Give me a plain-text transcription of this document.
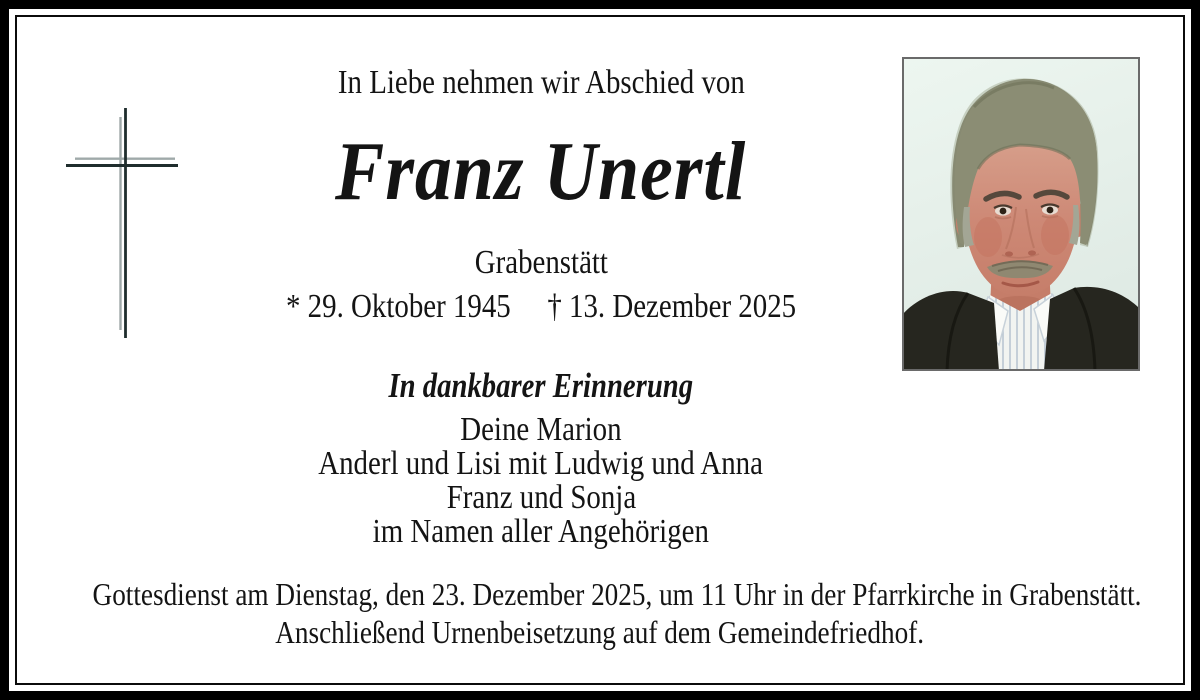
In Liebe nehmen wir Abschied von
Franz Unertl
Grabenstätt
* 29. Oktober 1945 † 13. Dezember 2025
In dankbarer Erinnerung
Deine Marion
Anderl und Lisi mit Ludwig und Anna
Franz und Sonja
im Namen aller Angehörigen
Gottesdienst am Dienstag, den 23. Dezember 2025, um 11 Uhr in der Pfarrkirche in Grabenstätt.
Anschließend Urnenbeisetzung auf dem Gemeindefriedhof.
